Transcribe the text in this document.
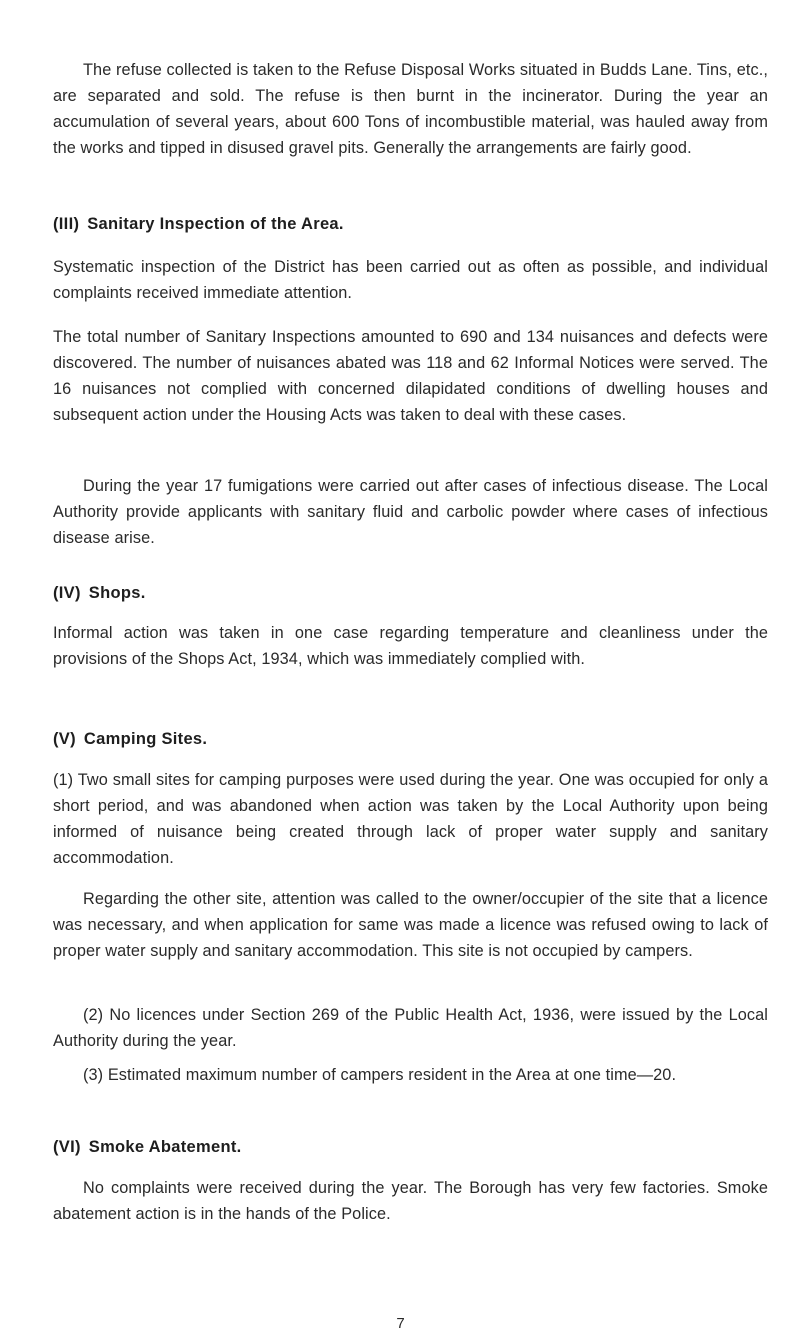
The refuse collected is taken to the Refuse Disposal Works situated in Budds Lane. Tins, etc., are separated and sold. The refuse is then burnt in the incinerator. During the year an accumulation of several years, about 600 Tons of incombustible material, was hauled away from the works and tipped in disused gravel pits. Generally the arrangements are fairly good.

(III) Sanitary Inspection of the Area.

Systematic inspection of the District has been carried out as often as possible, and individual complaints received immediate attention.

The total number of Sanitary Inspections amounted to 690 and 134 nuisances and defects were discovered. The number of nuisances abated was 118 and 62 Informal Notices were served. The 16 nuisances not complied with concerned dilapidated conditions of dwelling houses and subsequent action under the Housing Acts was taken to deal with these cases.

During the year 17 fumigations were carried out after cases of infectious disease. The Local Authority provide applicants with sanitary fluid and carbolic powder where cases of infectious disease arise.

(IV) Shops.

Informal action was taken in one case regarding temperature and cleanliness under the provisions of the Shops Act, 1934, which was immediately complied with.

(V) Camping Sites.

(1) Two small sites for camping purposes were used during the year. One was occupied for only a short period, and was abandoned when action was taken by the Local Authority upon being informed of nuisance being created through lack of proper water supply and sanitary accommodation.

Regarding the other site, attention was called to the owner/occupier of the site that a licence was necessary, and when application for same was made a licence was refused owing to lack of proper water supply and sanitary accommodation. This site is not occupied by campers.

(2) No licences under Section 269 of the Public Health Act, 1936, were issued by the Local Authority during the year.

(3) Estimated maximum number of campers resident in the Area at one time—20.

(VI) Smoke Abatement.

No complaints were received during the year. The Borough has very few factories. Smoke abatement action is in the hands of the Police.

7
